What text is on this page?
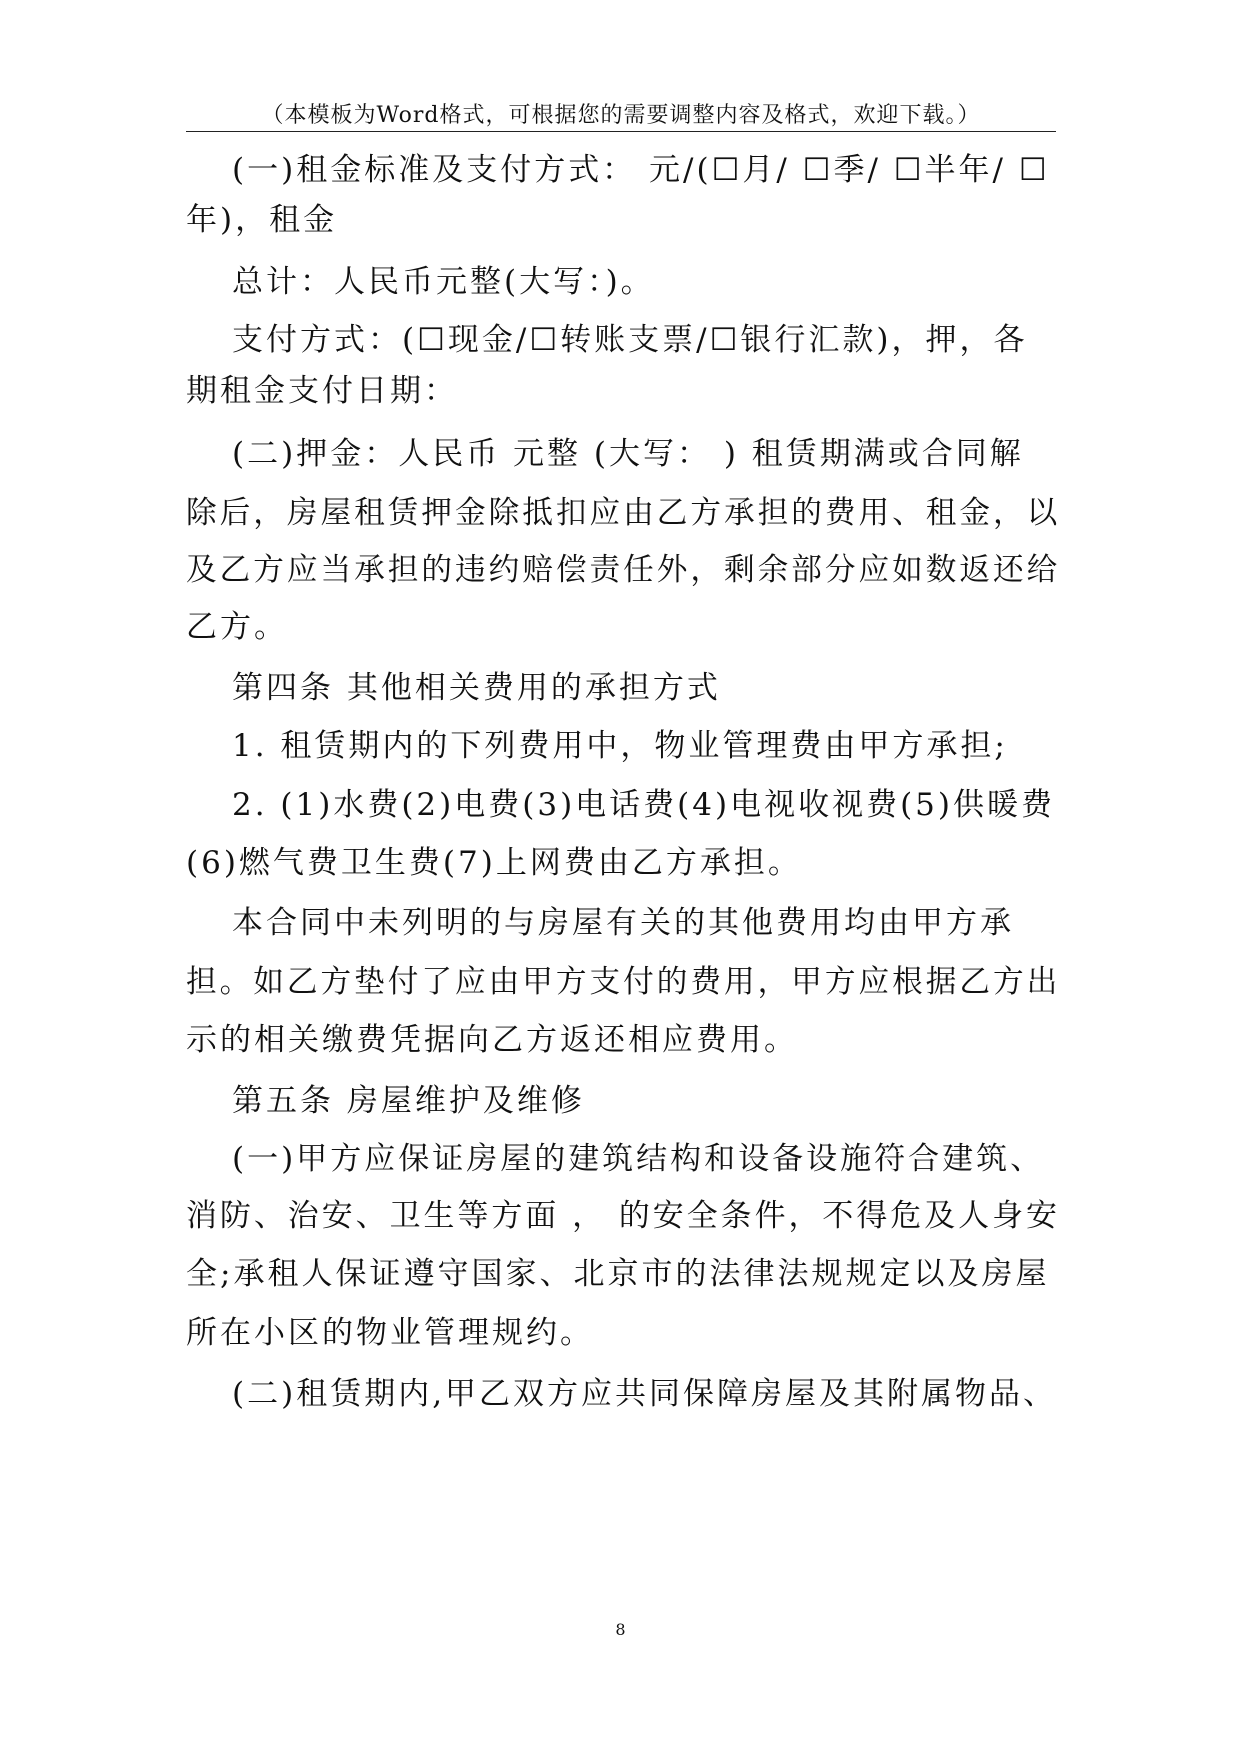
（本模板为Word格式，可根据您的需要调整内容及格式，欢迎下载。）
(一)租金标准及支付方式： 元/(☐月/ ☐季/ ☐半年/ ☐
年)，租金
总计：人民币元整(大写：)。
支付方式：(☐现金/☐转账支票/☐银行汇款)，押，各
期租金支付日期：
(二)押金：人民币 元整 (大写： ) 租赁期满或合同解
除后，房屋租赁押金除抵扣应由乙方承担的费用、租金，以
及乙方应当承担的违约赔偿责任外，剩余部分应如数返还给
乙方。
第四条 其他相关费用的承担方式
1. 租赁期内的下列费用中，物业管理费由甲方承担;
2. (1)水费(2)电费(3)电话费(4)电视收视费(5)供暖费
(6)燃气费卫生费(7)上网费由乙方承担。
本合同中未列明的与房屋有关的其他费用均由甲方承
担。如乙方垫付了应由甲方支付的费用，甲方应根据乙方出
示的相关缴费凭据向乙方返还相应费用。
第五条 房屋维护及维修
(一)甲方应保证房屋的建筑结构和设备设施符合建筑、
消防、治安、卫生等方面 ， 的安全条件，不得危及人身安
全;承租人保证遵守国家、北京市的法律法规规定以及房屋
所在小区的物业管理规约。
(二)租赁期内,甲乙双方应共同保障房屋及其附属物品、
8
